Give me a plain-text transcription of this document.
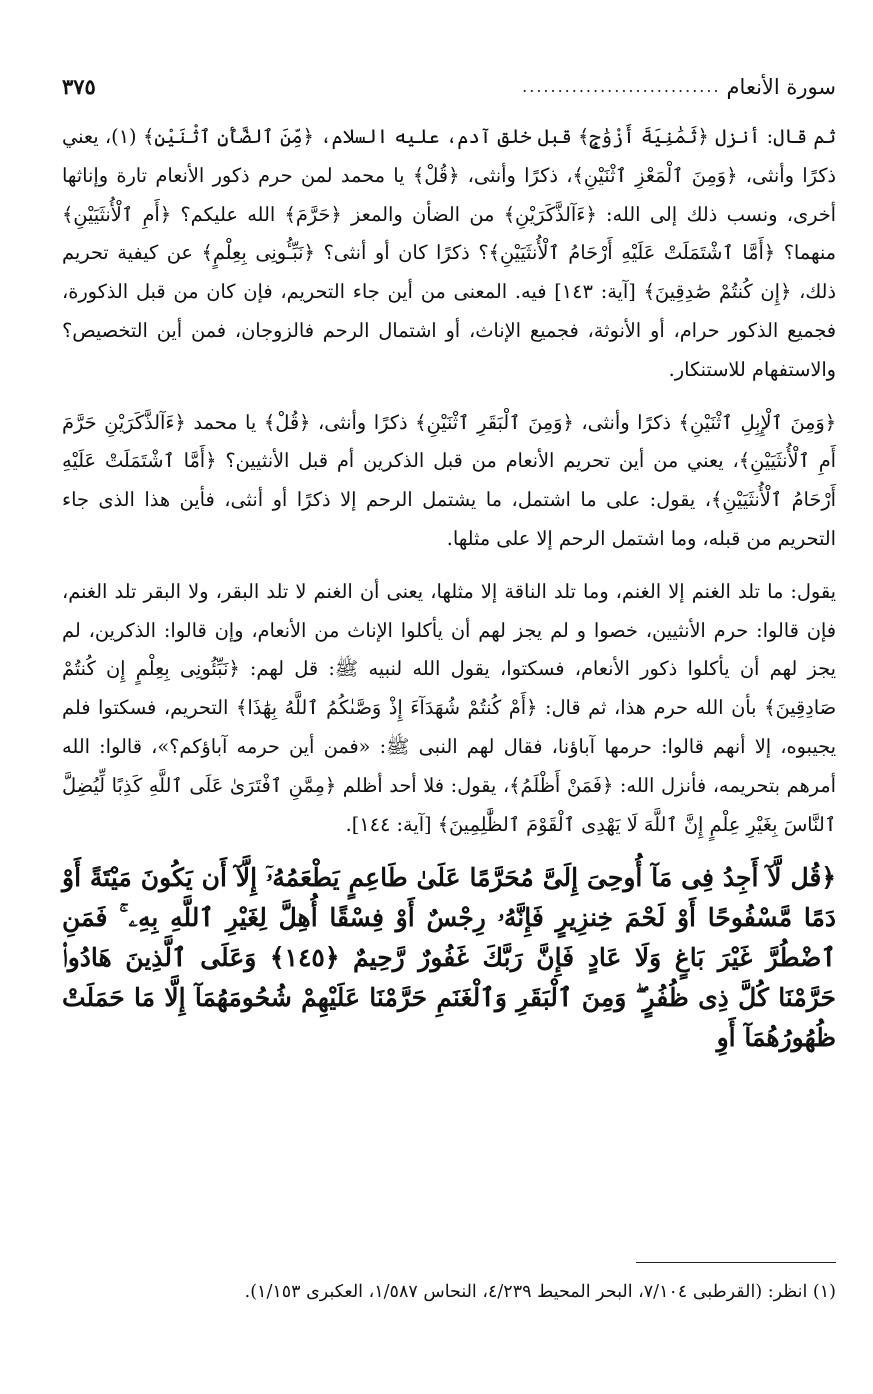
سورة الأنعام
............................
٣٧٥

ثم قال: أنزل ﴿ثَمَٰنِيَةَ أَزْوَٰجٍ﴾ قبل خلق آدم، عليه السلام، ﴿مِّنَ ٱلضَّأْنِ ٱثْنَيْنِ﴾ (١)، يعني ذكرًا وأنثى، ﴿وَمِنَ ٱلْمَعْزِ ٱثْنَيْنِ﴾، ذكرًا وأنثى، ﴿قُلْ﴾ يا محمد لمن حرم ذكور الأنعام تارة وإناثها أخرى، ونسب ذلك إلى الله: ﴿ءَآلذَّكَرَيْنِ﴾ من الضأن والمعز ﴿حَرَّمَ﴾ الله عليكم؟ ﴿أَمِ ٱلْأُنثَيَيْنِ﴾ منهما؟ ﴿أَمَّا ٱشْتَمَلَتْ عَلَيْهِ أَرْحَامُ ٱلْأُنثَيَيْنِ﴾؟ ذكرًا كان أو أنثى؟ ﴿نَبِّـُٔونِى بِعِلْمٍ﴾ عن كيفية تحريم ذلك، ﴿إِن كُنتُمْ صَٰدِقِينَ﴾ [آية: ١٤٣] فيه. المعنى من أين جاء التحريم، فإن كان من قبل الذكورة، فجميع الذكور حرام، أو الأنوثة، فجميع الإناث، أو اشتمال الرحم فالزوجان، فمن أين التخصيص؟ والاستفهام للاستنكار.

﴿وَمِنَ ٱلْإِبِلِ ٱثْنَيْنِ﴾ ذكرًا وأنثى، ﴿وَمِنَ ٱلْبَقَرِ ٱثْنَيْنِ﴾ ذكرًا وأنثى، ﴿قُلْ﴾ يا محمد ﴿ءَآلذَّكَرَيْنِ حَرَّمَ أَمِ ٱلْأُنثَيَيْنِ﴾، يعني من أين تحريم الأنعام من قبل الذكرين أم قبل الأنثيين؟ ﴿أَمَّا ٱشْتَمَلَتْ عَلَيْهِ أَرْحَامُ ٱلْأُنثَيَيْنِ﴾، يقول: على ما اشتمل، ما يشتمل الرحم إلا ذكرًا أو أنثى، فأين هذا الذى جاء التحريم من قبله، وما اشتمل الرحم إلا على مثلها.

يقول: ما تلد الغنم إلا الغنم، وما تلد الناقة إلا مثلها، يعنى أن الغنم لا تلد البقر، ولا البقر تلد الغنم، فإن قالوا: حرم الأنثيين، خصوا و لم يجز لهم أن يأكلوا الإناث من الأنعام، وإن قالوا: الذكرين، لم يجز لهم أن يأكلوا ذكور الأنعام، فسكتوا، يقول الله لنبيه ﷺ: قل لهم: ﴿نَبِّئُونِى بِعِلْمٍ إِن كُنتُمْ صَادِقِينَ﴾ بأن الله حرم هذا، ثم قال: ﴿أَمْ كُنتُمْ شُهَدَآءَ إِذْ وَصَّىٰكُمُ ٱللَّهُ بِهَٰذَا﴾ التحريم، فسكتوا فلم يجيبوه، إلا أنهم قالوا: حرمها آباؤنا، فقال لهم النبى ﷺ: «فمن أين حرمه آباؤكم؟»، قالوا: الله أمرهم بتحريمه، فأنزل الله: ﴿فَمَنْ أَظْلَمُ﴾، يقول: فلا أحد أظلم ﴿مِمَّنِ ٱفْتَرَىٰ عَلَى ٱللَّهِ كَذِبًا لِّيُضِلَّ ٱلنَّاسَ بِغَيْرِ عِلْمٍ إِنَّ ٱللَّهَ لَا يَهْدِى ٱلْقَوْمَ ٱلظَّٰلِمِينَ﴾ [آية: ١٤٤].

﴿قُل لَّآ أَجِدُ فِى مَآ أُوحِىَ إِلَىَّ مُحَرَّمًا عَلَىٰ طَاعِمٍ يَطْعَمُهُۥٓ إِلَّآ أَن يَكُونَ مَيْتَةً أَوْ دَمًا مَّسْفُوحًا أَوْ لَحْمَ خِنزِيرٍ فَإِنَّهُۥ رِجْسٌ أَوْ فِسْقًا أُهِلَّ لِغَيْرِ ٱللَّهِ بِهِۦ ۚ فَمَنِ ٱضْطُرَّ غَيْرَ بَاغٍ وَلَا عَادٍ فَإِنَّ رَبَّكَ غَفُورٌ رَّحِيمٌ ﴿١٤٥﴾ وَعَلَى ٱلَّذِينَ هَادُوا۟ حَرَّمْنَا كُلَّ ذِى ظُفُرٍ ۖ وَمِنَ ٱلْبَقَرِ وَٱلْغَنَمِ حَرَّمْنَا عَلَيْهِمْ شُحُومَهُمَآ إِلَّا مَا حَمَلَتْ ظُهُورُهُمَآ أَوِ

(١) انظر: (القرطبى ٧/١٠٤، البحر المحيط ٤/٢٣٩، النحاس ١/٥٨٧، العكبرى ١/١٥٣).
